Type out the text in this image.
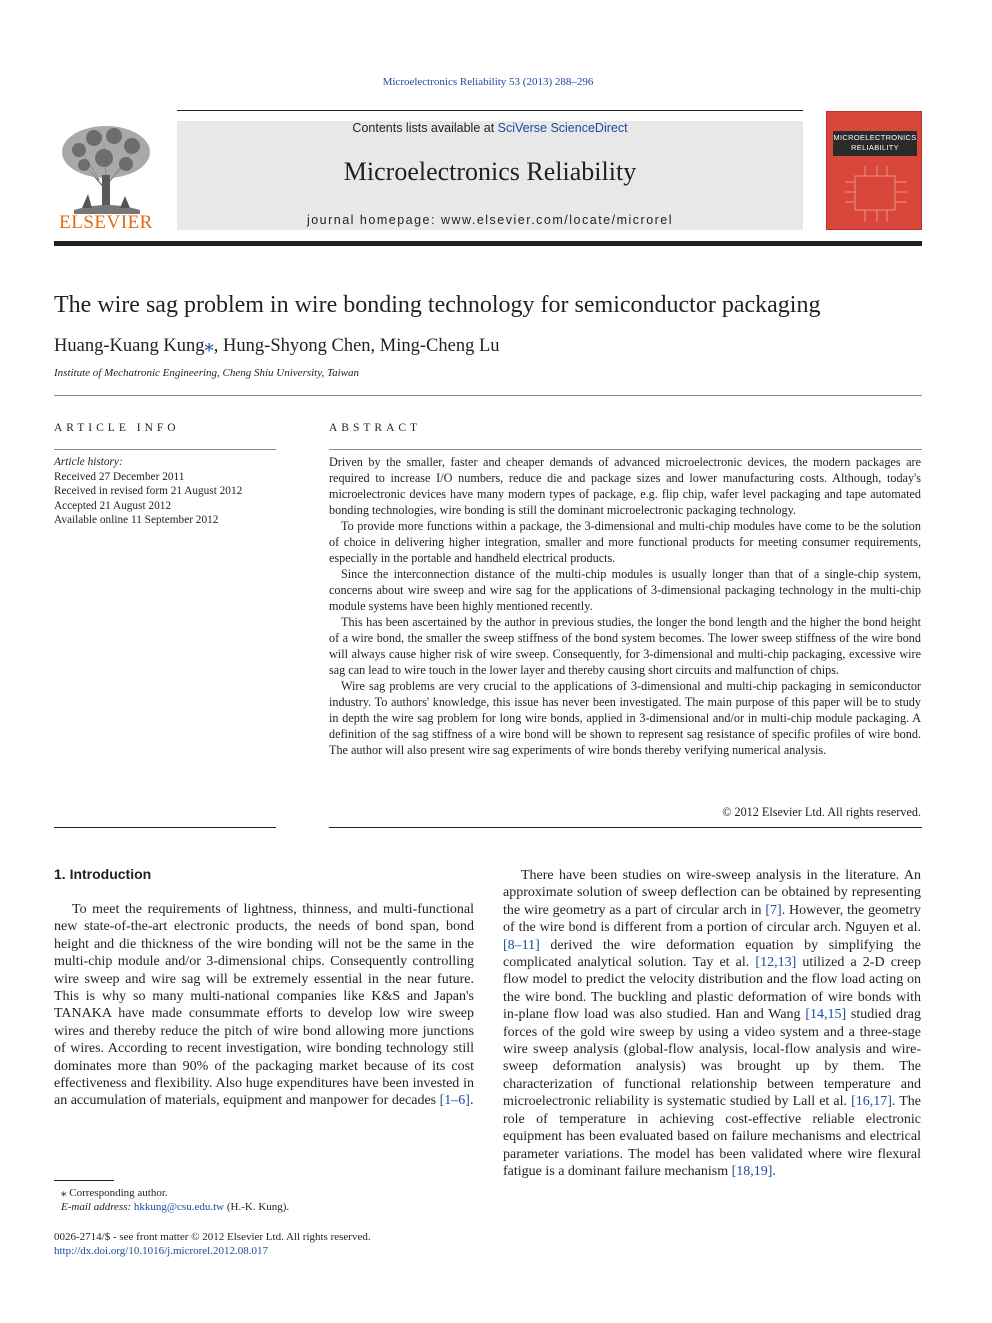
Microelectronics Reliability 53 (2013) 288–296
ELSEVIER
Contents lists available at SciVerse ScienceDirect
Microelectronics Reliability
journal homepage: www.elsevier.com/locate/microrel
MICROELECTRONICS
RELIABILITY
The wire sag problem in wire bonding technology for semiconductor packaging
Huang-Kuang Kung⁎, Hung-Shyong Chen, Ming-Cheng Lu
Institute of Mechatronic Engineering, Cheng Shiu University, Taiwan
ARTICLE INFO
Article history:
Received 27 December 2011
Received in revised form 21 August 2012
Accepted 21 August 2012
Available online 11 September 2012
ABSTRACT

Driven by the smaller, faster and cheaper demands of advanced microelectronic devices, the modern packages are required to increase I/O numbers, reduce die and package sizes and lower manufacturing costs. Although, today's microelectronic devices have many modern types of package, e.g. flip chip, wafer level packaging and tape automated bonding technologies, wire bonding is still the dominant microelectronic packaging technology.

To provide more functions within a package, the 3-dimensional and multi-chip modules have come to be the solution of choice in delivering higher integration, smaller and more functional products for meeting consumer requirements, especially in the portable and handheld electrical products.

Since the interconnection distance of the multi-chip modules is usually longer than that of a single-chip system, concerns about wire sweep and wire sag for the applications of 3-dimensional packaging technology in the multi-chip module systems have been highly mentioned recently.

This has been ascertained by the author in previous studies, the longer the bond length and the higher the bond height of a wire bond, the smaller the sweep stiffness of the bond system becomes. The lower sweep stiffness of the wire bond will always cause higher risk of wire sweep. Consequently, for 3-dimensional and multi-chip packaging, excessive wire sag can lead to wire touch in the lower layer and thereby causing short circuits and malfunction of chips.

Wire sag problems are very crucial to the applications of 3-dimensional and multi-chip packaging in semiconductor industry. To authors' knowledge, this issue has never been investigated. The main purpose of this paper will be to study in depth the wire sag problem for long wire bonds, applied in 3-dimensional and/or in multi-chip module packaging. A definition of the sag stiffness of a wire bond will be shown to represent sag resistance of specific profiles of wire bond. The author will also present wire sag experiments of wire bonds thereby verifying numerical analysis.

© 2012 Elsevier Ltd. All rights reserved.
1. Introduction

To meet the requirements of lightness, thinness, and multi-functional new state-of-the-art electronic products, the needs of bond span, bond height and die thickness of the wire bonding will not be the same in the multi-chip module and/or 3-dimensional chips. Consequently controlling wire sweep and wire sag will be extremely essential in the near future. This is why so many multi-national companies like K&S and Japan's TANAKA have made consummate efforts to develop low wire sweep wires and thereby reduce the pitch of wire bond allowing more junctions of wires. According to recent investigation, wire bonding technology still dominates more than 90% of the packaging market because of its cost effectiveness and flexibility. Also huge expenditures have been invested in an accumulation of materials, equipment and manpower for decades [1–6].

There have been studies on wire-sweep analysis in the literature. An approximate solution of sweep deflection can be obtained by representing the wire geometry as a part of circular arch in [7]. However, the geometry of the wire bond is different from a portion of circular arch. Nguyen et al. [8–11] derived the wire deformation equation by simplifying the complicated analytical solution. Tay et al. [12,13] utilized a 2-D creep flow model to predict the velocity distribution and the flow load acting on the wire bond. The buckling and plastic deformation of wire bonds with in-plane flow load was also studied. Han and Wang [14,15] studied drag forces of the gold wire sweep by using a video system and a three-stage wire sweep analysis (global-flow analysis, local-flow analysis and wire-sweep deformation analysis) was brought up by them. The characterization of functional relationship between temperature and microelectronic reliability is systematic studied by Lall et al. [16,17]. The role of temperature in achieving cost-effective reliable electronic equipment has been evaluated based on failure mechanisms and electrical parameter variations. The model has been validated where wire flexural fatigue is a dominant failure mechanism [18,19].

⁎ Corresponding author.
E-mail address: hkkung@csu.edu.tw (H.-K. Kung).
0026-2714/$ - see front matter © 2012 Elsevier Ltd. All rights reserved.
http://dx.doi.org/10.1016/j.microrel.2012.08.017
